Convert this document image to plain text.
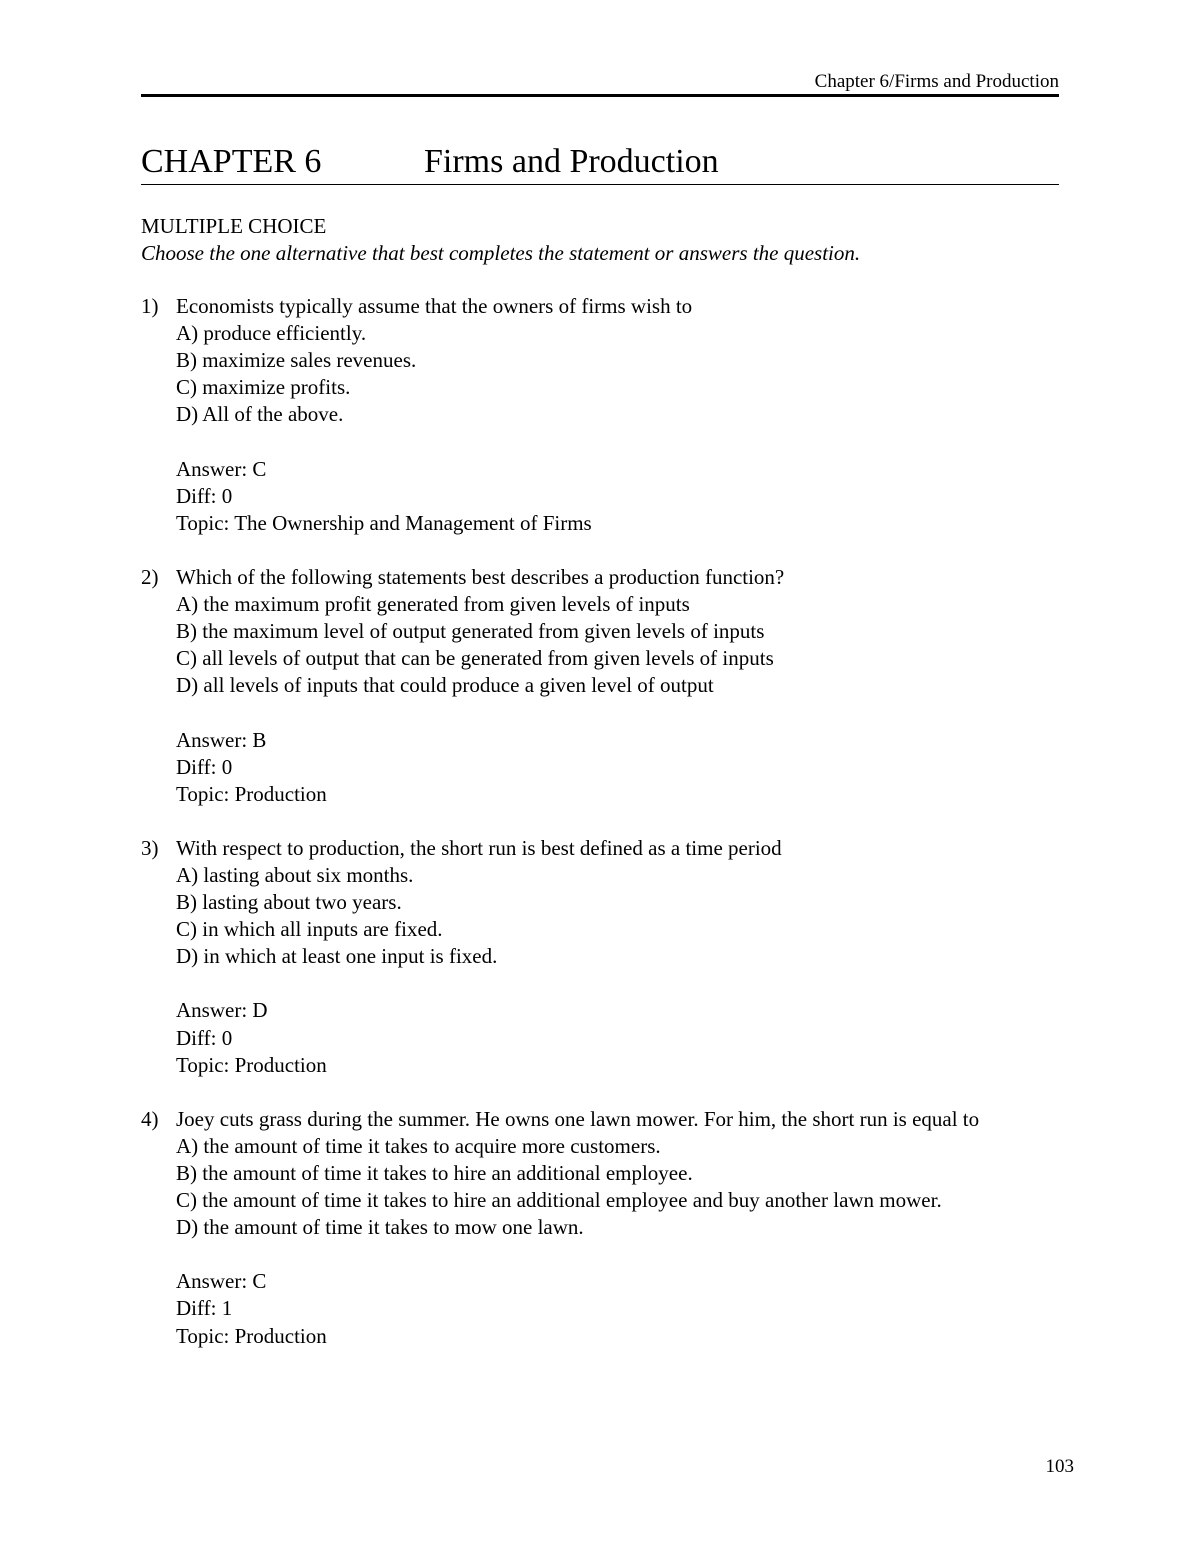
Chapter 6/Firms and Production
CHAPTER 6	Firms and Production
MULTIPLE CHOICE
Choose the one alternative that best completes the statement or answers the question.
1) Economists typically assume that the owners of firms wish to
A) produce efficiently.
B) maximize sales revenues.
C) maximize profits.
D) All of the above.
Answer: C
Diff: 0
Topic: The Ownership and Management of Firms
2) Which of the following statements best describes a production function?
A) the maximum profit generated from given levels of inputs
B) the maximum level of output generated from given levels of inputs
C) all levels of output that can be generated from given levels of inputs
D) all levels of inputs that could produce a given level of output
Answer: B
Diff: 0
Topic: Production
3) With respect to production, the short run is best defined as a time period
A) lasting about six months.
B) lasting about two years.
C) in which all inputs are fixed.
D) in which at least one input is fixed.
Answer: D
Diff: 0
Topic: Production
4) Joey cuts grass during the summer. He owns one lawn mower. For him, the short run is equal to
A) the amount of time it takes to acquire more customers.
B) the amount of time it takes to hire an additional employee.
C) the amount of time it takes to hire an additional employee and buy another lawn mower.
D) the amount of time it takes to mow one lawn.
Answer: C
Diff: 1
Topic: Production
103
